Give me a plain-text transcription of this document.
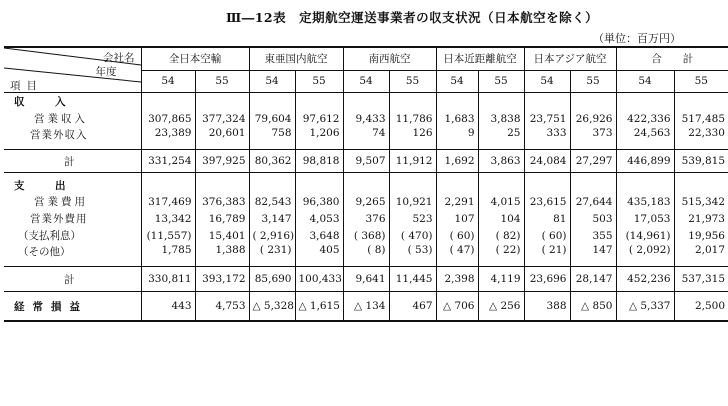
Ⅲ―12表　定期航空運送事業者の収支状況（日本航空を除く）
（単位：百万円）
会社名
年度
項目	全日本空輸		東亜国内航空		南西航空		日本近距離航空		日本アジア航空		合　　計	
	54	55	54	55	54	55	54	55	54	55	54	55
収　入												
営業収入	307,865	377,324	79,604	97,612	9,433	11,786	1,683	3,838	23,751	26,926	422,336	517,485
営業外収入	23,389	20,601	758	1,206	74	126	9	25	333	373	24,563	22,330
計	331,254	397,925	80,362	98,818	9,507	11,912	1,692	3,863	24,084	27,297	446,899	539,815
支　出												
営業費用	317,469	376,383	82,543	96,380	9,265	10,921	2,291	4,015	23,615	27,644	435,183	515,342
営業外費用	13,342	16,789	3,147	4,053	376	523	107	104	81	503	17,053	21,973
（支払利息）	(11,557)	15,401	( 2,916)	3,648	( 368)	( 470)	( 60)	( 82)	( 60)	355	(14,961)	19,956
（その他）	1,785	1,388	( 231)	405	( 8)	( 53)	( 47)	( 22)	( 21)	147	( 2,092)	2,017
計	330,811	393,172	85,690	100,433	9,641	11,445	2,398	4,119	23,696	28,147	452,236	537,315
経常損益	443	4,753	△ 5,328	△ 1,615	△ 134	467	△ 706	△ 256	388	△ 850	△ 5,337	2,500
